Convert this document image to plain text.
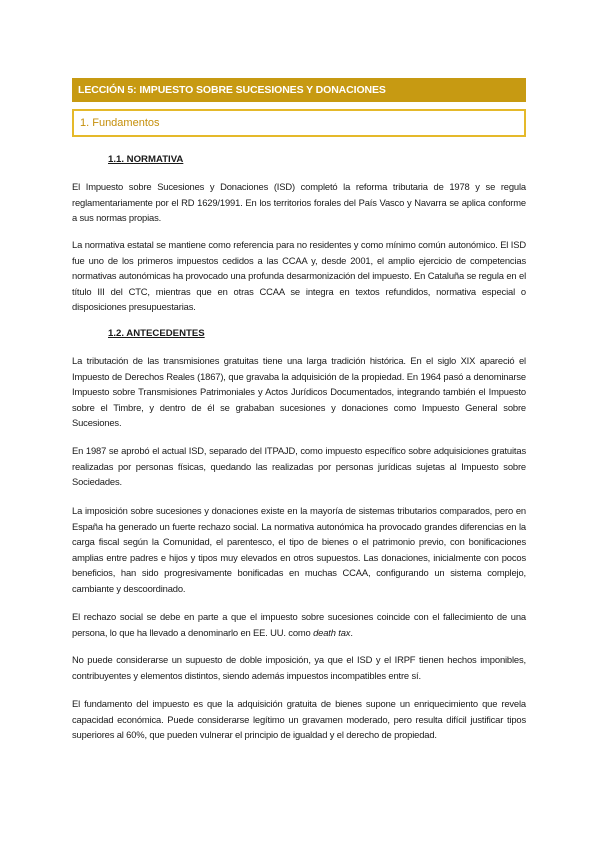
LECCIÓN 5: IMPUESTO SOBRE SUCESIONES Y DONACIONES
1. Fundamentos
1.1. NORMATIVA
El Impuesto sobre Sucesiones y Donaciones (ISD) completó la reforma tributaria de 1978 y se regula reglamentariamente por el RD 1629/1991. En los territorios forales del País Vasco y Navarra se aplica conforme a sus normas propias.
La normativa estatal se mantiene como referencia para no residentes y como mínimo común autonómico. El ISD fue uno de los primeros impuestos cedidos a las CCAA y, desde 2001, el amplio ejercicio de competencias normativas autonómicas ha provocado una profunda desarmonización del impuesto. En Cataluña se regula en el título III del CTC, mientras que en otras CCAA se integra en textos refundidos, normativa especial o disposiciones presupuestarias.
1.2. ANTECEDENTES
La tributación de las transmisiones gratuitas tiene una larga tradición histórica. En el siglo XIX apareció el Impuesto de Derechos Reales (1867), que gravaba la adquisición de la propiedad. En 1964 pasó a denominarse Impuesto sobre Transmisiones Patrimoniales y Actos Jurídicos Documentados, integrando también el Impuesto sobre el Timbre, y dentro de él se grababan sucesiones y donaciones como Impuesto General sobre Sucesiones.
En 1987 se aprobó el actual ISD, separado del ITPAJD, como impuesto específico sobre adquisiciones gratuitas realizadas por personas físicas, quedando las realizadas por personas jurídicas sujetas al Impuesto sobre Sociedades.
La imposición sobre sucesiones y donaciones existe en la mayoría de sistemas tributarios comparados, pero en España ha generado un fuerte rechazo social. La normativa autonómica ha provocado grandes diferencias en la carga fiscal según la Comunidad, el parentesco, el tipo de bienes o el patrimonio previo, con bonificaciones amplias entre padres e hijos y tipos muy elevados en otros supuestos. Las donaciones, inicialmente con pocos beneficios, han sido progresivamente bonificadas en muchas CCAA, configurando un sistema complejo, cambiante y descoordinado.
El rechazo social se debe en parte a que el impuesto sobre sucesiones coincide con el fallecimiento de una persona, lo que ha llevado a denominarlo en EE. UU. como death tax.
No puede considerarse un supuesto de doble imposición, ya que el ISD y el IRPF tienen hechos imponibles, contribuyentes y elementos distintos, siendo además impuestos incompatibles entre sí.
El fundamento del impuesto es que la adquisición gratuita de bienes supone un enriquecimiento que revela capacidad económica. Puede considerarse legítimo un gravamen moderado, pero resulta difícil justificar tipos superiores al 60%, que pueden vulnerar el principio de igualdad y el derecho de propiedad.
